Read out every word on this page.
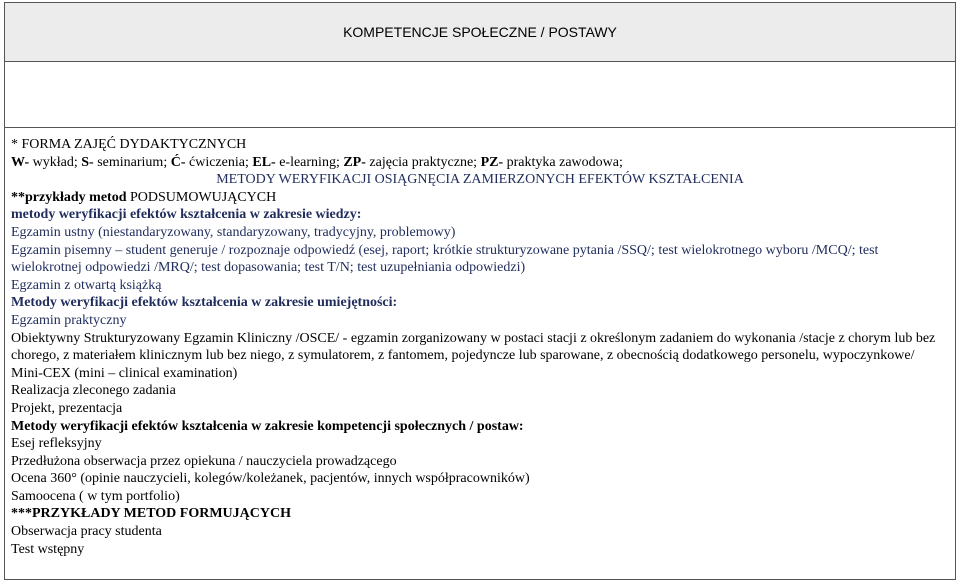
KOMPETENCJE SPOŁECZNE / POSTAWY
* FORMA ZAJĘĆ DYDAKTYCZNYCH
W- wykład; S- seminarium; Ć- ćwiczenia; EL- e-learning; ZP- zajęcia praktyczne; PZ- praktyka zawodowa;
METODY WERYFIKACJI OSIĄGNĘCIA ZAMIERZONYCH EFEKTÓW KSZTAŁCENIA
**przykłady metod PODSUMOWUJĄCYCH
metody weryfikacji efektów kształcenia w zakresie wiedzy:
Egzamin ustny (niestandaryzowany, standaryzowany, tradycyjny, problemowy)
Egzamin pisemny – student generuje / rozpoznaje odpowiedź (esej, raport; krótkie strukturyzowane pytania /SSQ/; test wielokrotnego wyboru /MCQ/; test wielokrotnej odpowiedzi /MRQ/; test dopasowania; test T/N; test uzupełniania odpowiedzi)
Egzamin z otwartą książką
Metody weryfikacji efektów kształcenia w zakresie umiejętności:
Egzamin praktyczny
Obiektywny Strukturyzowany Egzamin Kliniczny /OSCE/ - egzamin zorganizowany w postaci stacji z określonym zadaniem do wykonania /stacje z chorym lub bez chorego, z materiałem klinicznym lub bez niego, z symulatorem, z fantomem, pojedyncze lub sparowane, z obecnością dodatkowego personelu, wypoczynkowe/
Mini-CEX (mini – clinical examination)
Realizacja zleconego zadania
Projekt, prezentacja
Metody weryfikacji efektów kształcenia w zakresie kompetencji społecznych / postaw:
Esej refleksyjny
Przedłużona obserwacja przez opiekuna / nauczyciela prowadzącego
Ocena 360° (opinie nauczycieli, kolegów/koleżanek, pacjentów, innych współpracowników)
Samoocena ( w tym portfolio)
***PRZYKŁADY METOD FORMUJĄCYCH
Obserwacja pracy studenta
Test wstępny
